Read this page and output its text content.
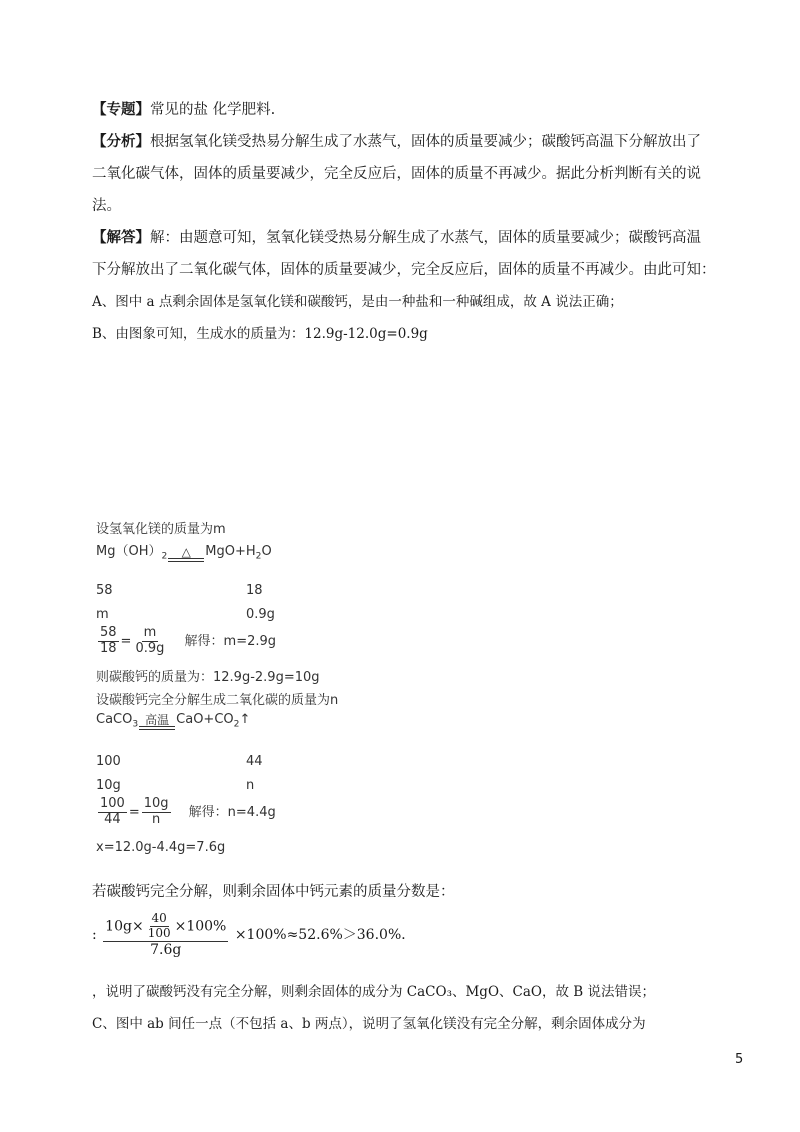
【专题】常见的盐 化学肥料.
【分析】根据氢氧化镁受热易分解生成了水蒸气，固体的质量要减少；碳酸钙高温下分解放出了
二氧化碳气体，固体的质量要减少，完全反应后，固体的质量不再减少。据此分析判断有关的说
法。
【解答】解：由题意可知，氢氧化镁受热易分解生成了水蒸气，固体的质量要减少；碳酸钙高温
下分解放出了二氧化碳气体，固体的质量要减少，完全反应后，固体的质量不再减少。由此可知：
A、图中 a 点剩余固体是氢氧化镁和碳酸钙，是由一种盐和一种碱组成，故 A 说法正确；
B、由图象可知，生成水的质量为：12.9g-12.0g=0.9g
设氢氧化镁的质量为m
$Mg(OH)_2$ △ $MgO+H_2O$
58	18
m	0.9g
$\frac{58}{18} = \frac{m}{0.9g}$ 解得：m=2.9g
则碳酸钙的质量为：12.9g-2.9g=10g
设碳酸钙完全分解生成二氧化碳的质量为n
CaCO$_3$ 高温 $CaO+CO_2↑$
100	44
10g	n
$\frac{100}{44} = \frac{10g}{n}$ 解得：n=4.4g
x=12.0g-4.4g=7.6g
若碳酸钙完全分解，则剩余固体中钙元素的质量分数是：
: $\frac{10g\times \frac{40}{100} \times 100\%}{7.6g} \times 100\%\approx 52.6\%>36.0\%$．
，说明了碳酸钙没有完全分解，则剩余固体的成分为 CaCO₃、MgO、CaO，故 B 说法错误；
C、图中 ab 间任一点（不包括 a、b 两点），说明了氢氧化镁没有完全分解，剩余固体成分为
5
